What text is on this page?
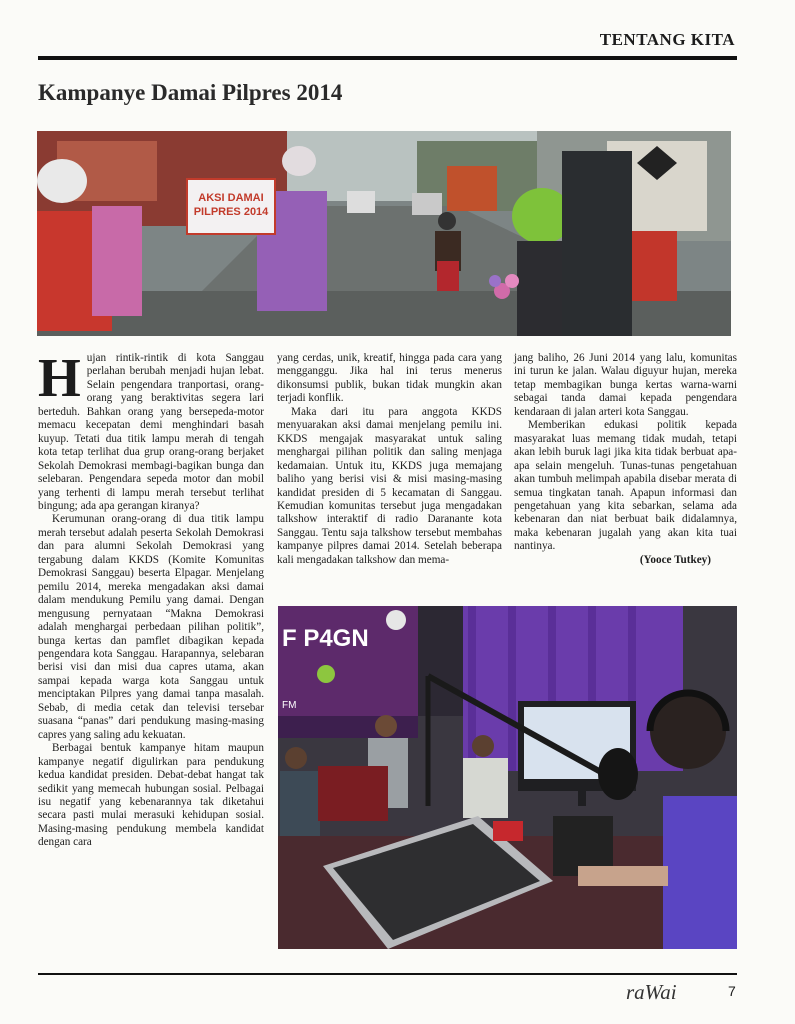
TENTANG KITA
Kampanye Damai Pilpres 2014
AKSI DAMAI
PILPRES 2014

Hujan rintik-rintik di kota Sanggau perlahan berubah menjadi hujan lebat. Selain pengendara tranportasi, orang-orang yang beraktivitas segera lari berteduh. Bahkan orang yang bersepeda-motor memacu kecepatan demi menghindari basah kuyup. Tetati dua titik lampu merah di tengah kota tetap terlihat dua grup orang-orang berjaket Sekolah Demokrasi membagi-bagikan bunga dan selebaran. Pengendara sepeda motor dan mobil yang terhenti di lampu merah tersebut terlihat bingung; ada apa gerangan kiranya?

Kerumunan orang-orang di dua titik lampu merah tersebut adalah peserta Sekolah Demokrasi dan para alumni Sekolah Demokrasi yang tergabung dalam KKDS (Komite Komunitas Demokrasi Sanggau) beserta Elpagar. Menjelang pemilu 2014, mereka mengadakan aksi damai dalam mendukung Pemilu yang damai. Dengan mengusung pernyataan “Makna Demokrasi adalah menghargai perbedaan pilihan politik”, bunga kertas dan pamflet dibagikan kepada pengendara kota Sanggau. Harapannya, selebaran berisi visi dan misi dua capres utama, akan sampai kepada warga kota Sanggau untuk menciptakan Pilpres yang damai tanpa masalah. Sebab, di media cetak dan televisi tersebar suasana “panas” dari pendukung masing-masing capres yang saling adu kekuatan.

Berbagai bentuk kampanye hitam maupun kampanye negatif digulirkan para pendukung kedua kandidat presiden. Debat-debat hangat tak sedikit yang memecah hubungan sosial. Pelbagai isu negatif yang kebenarannya tak diketahui secara pasti mulai merasuki kehidupan sosial. Masing-masing pendukung membela kandidat dengan cara

yang cerdas, unik, kreatif, hingga pada cara yang mengganggu. Jika hal ini terus menerus dikonsumsi publik, bukan tidak mungkin akan terjadi konflik.

Maka dari itu para anggota KKDS menyuarakan aksi damai menjelang pemilu ini. KKDS mengajak masyarakat untuk saling menghargai pilihan politik dan saling menjaga kedamaian. Untuk itu, KKDS juga memajang baliho yang berisi visi & misi masing-masing kandidat presiden di 5 kecamatan di Sanggau. Kemudian komunitas tersebut juga mengadakan talkshow interaktif di radio Daranante kota Sanggau. Tentu saja talkshow tersebut membahas kampanye pilpres damai 2014. Setelah beberapa kali mengadakan talkshow dan mema-

jang baliho, 26 Juni 2014 yang lalu, komunitas ini turun ke jalan. Walau diguyur hujan, mereka tetap membagikan bunga kertas warna-warni sebagai tanda damai kepada pengendara kendaraan di jalan arteri kota Sanggau.

Memberikan edukasi politik kepada masyarakat luas memang tidak mudah, tetapi akan lebih buruk lagi jika kita tidak berbuat apa-apa selain mengeluh. Tunas-tunas pengetahuan akan tumbuh melimpah apabila disebar merata di semua tingkatan tanah. Apapun informasi dan pengetahuan yang kita sebarkan, selama ada kebenaran dan niat berbuat baik didalamnya, maka kebenaran jugalah yang akan kita tuai nantinya.

(Yooce Tutkey)

F P4GN
FM
raWai	7
